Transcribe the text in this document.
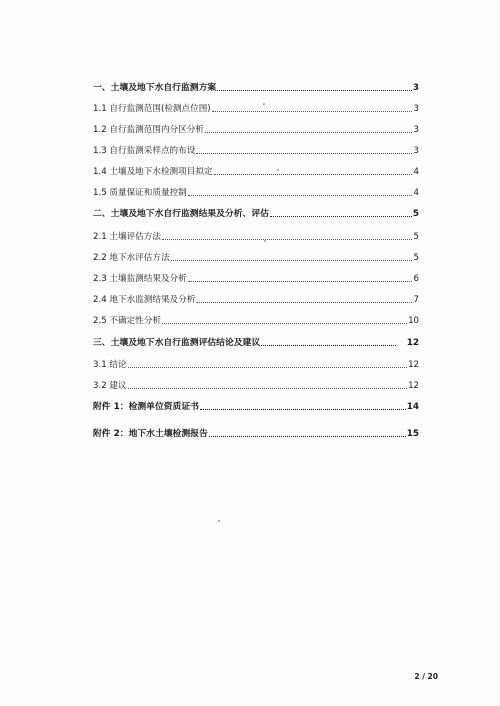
一、土壤及地下水自行监测方案	3
1.1 自行监测范围(检测点位图)	3
1.2 自行监测范围内分区分析	3
1.3 自行监测采样点的布设	3
1.4 土壤及地下水检测项目拟定	4
1.5 质量保证和质量控制	4
二、土壤及地下水自行监测结果及分析、评估	5
2.1 土壤评估方法	5
2.2 地下水评估方法	5
2.3 土壤监测结果及分析	6
2.4 地下水监测结果及分析	7
2.5 不确定性分析	10
三、土壤及地下水自行监测评估结论及建议	12
3.1 结论	12
3.2 建议	12
附件 1：检测单位资质证书	14
附件 2：地下水土壤检测报告	15
2 / 20
